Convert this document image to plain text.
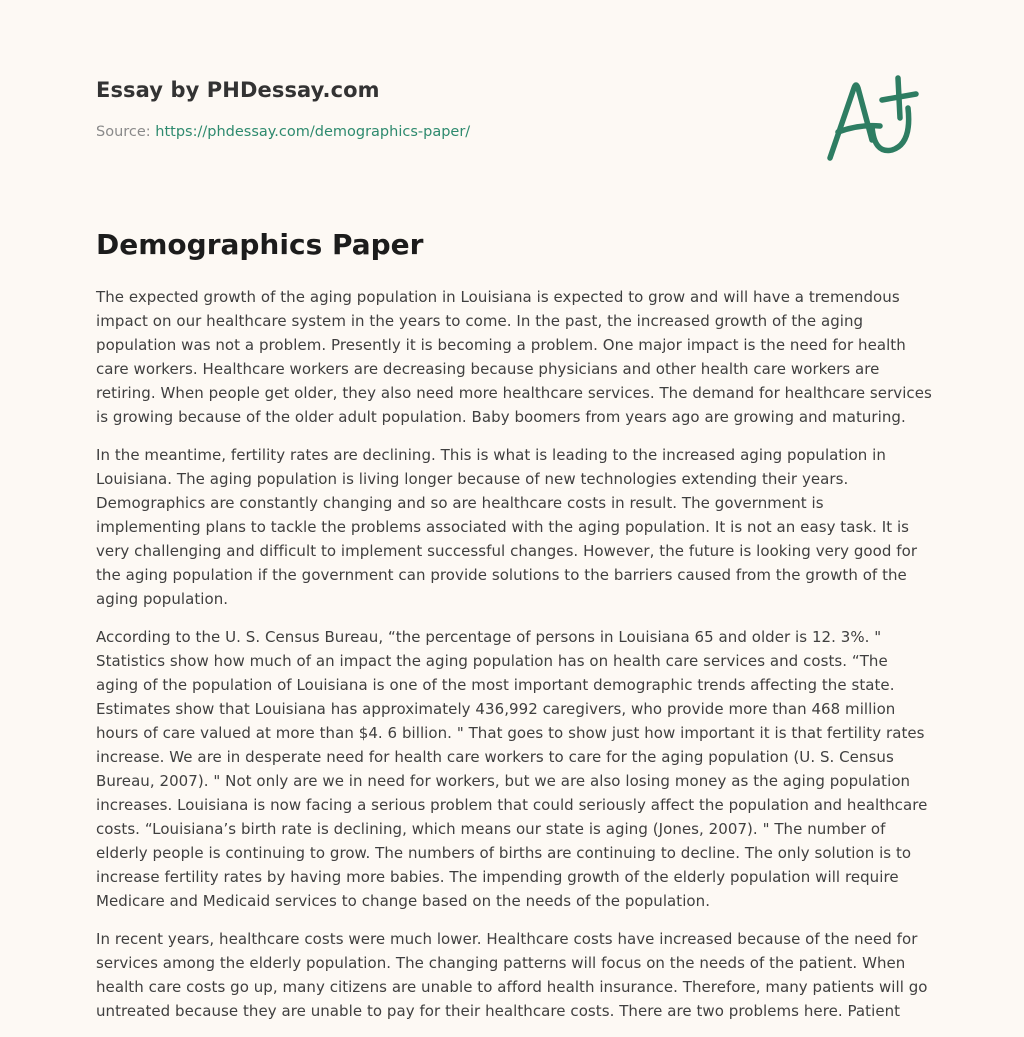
Essay by PHDessay.com
Source: https://phdessay.com/demographics-paper/
Demographics Paper

The expected growth of the aging population in Louisiana is expected to grow and will have a tremendous impact on our healthcare system in the years to come. In the past, the increased growth of the aging population was not a problem. Presently it is becoming a problem. One major impact is the need for health care workers. Healthcare workers are decreasing because physicians and other health care workers are retiring. When people get older, they also need more healthcare services. The demand for healthcare services is growing because of the older adult population. Baby boomers from years ago are growing and maturing.

In the meantime, fertility rates are declining. This is what is leading to the increased aging population in Louisiana. The aging population is living longer because of new technologies extending their years. Demographics are constantly changing and so are healthcare costs in result. The government is implementing plans to tackle the problems associated with the aging population. It is not an easy task. It is very challenging and difficult to implement successful changes. However, the future is looking very good for the aging population if the government can provide solutions to the barriers caused from the growth of the aging population.

According to the U. S. Census Bureau, “the percentage of persons in Louisiana 65 and older is 12. 3%. " Statistics show how much of an impact the aging population has on health care services and costs. “The aging of the population of Louisiana is one of the most important demographic trends affecting the state. Estimates show that Louisiana has approximately 436,992 caregivers, who provide more than 468 million hours of care valued at more than $4. 6 billion. " That goes to show just how important it is that fertility rates increase. We are in desperate need for health care workers to care for the aging population (U. S. Census Bureau, 2007). " Not only are we in need for workers, but we are also losing money as the aging population increases. Louisiana is now facing a serious problem that could seriously affect the population and healthcare costs. “Louisiana’s birth rate is declining, which means our state is aging (Jones, 2007). " The number of elderly people is continuing to grow. The numbers of births are continuing to decline. The only solution is to increase fertility rates by having more babies. The impending growth of the elderly population will require Medicare and Medicaid services to change based on the needs of the population.

In recent years, healthcare costs were much lower. Healthcare costs have increased because of the need for services among the elderly population. The changing patterns will focus on the needs of the patient. When health care costs go up, many citizens are unable to afford health insurance. Therefore, many patients will go untreated because they are unable to pay for their healthcare costs. There are two problems here. Patient
